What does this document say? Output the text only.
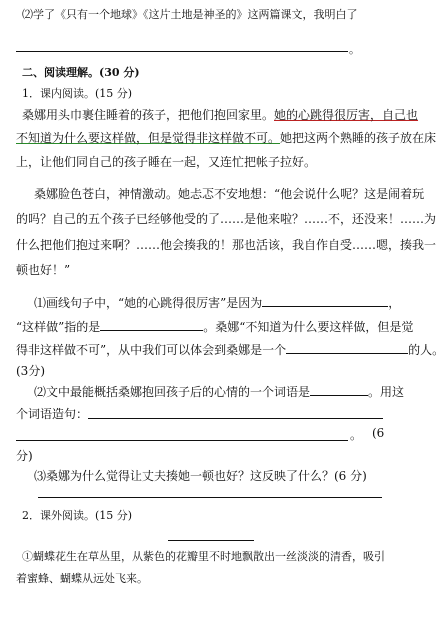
⑵学了《只有一个地球》《这片土地是神圣的》这两篇课文，我明白了
。
二、阅读理解。(30 分)
1．课内阅读。(15 分)
桑娜用头巾裹住睡着的孩子，把他们抱回家里。她的心跳得很厉害，自己也
不知道为什么要这样做，但是觉得非这样做不可。她把这两个熟睡的孩子放在床
上，让他们同自己的孩子睡在一起，又连忙把帐子拉好。
桑娜脸色苍白，神情激动。她忐忑不安地想：“他会说什么呢？这是闹着玩
的吗？自己的五个孩子已经够他受的了……是他来啦？……不，还没来！……为
什么把他们抱过来啊？……他会揍我的！那也活该，我自作自受……嗯，揍我一
顿也好！”
⑴画线句子中，“她的心跳得很厉害”是因为	，
“这样做”指的是	。桑娜“不知道为什么要这样做，但是觉
得非这样做不可”，从中我们可以体会到桑娜是一个	的人。
(3分)
⑵文中最能概括桑娜抱回孩子后的心情的一个词语是	。用这
个词语造句：
。 (6
分)
⑶桑娜为什么觉得让丈夫揍她一顿也好？这反映了什么？(6 分)
2．课外阅读。(15 分)
①蝴蝶花生在草丛里，从紫色的花瓣里不时地飘散出一丝淡淡的清香，吸引
着蜜蜂、蝴蝶从远处飞来。
